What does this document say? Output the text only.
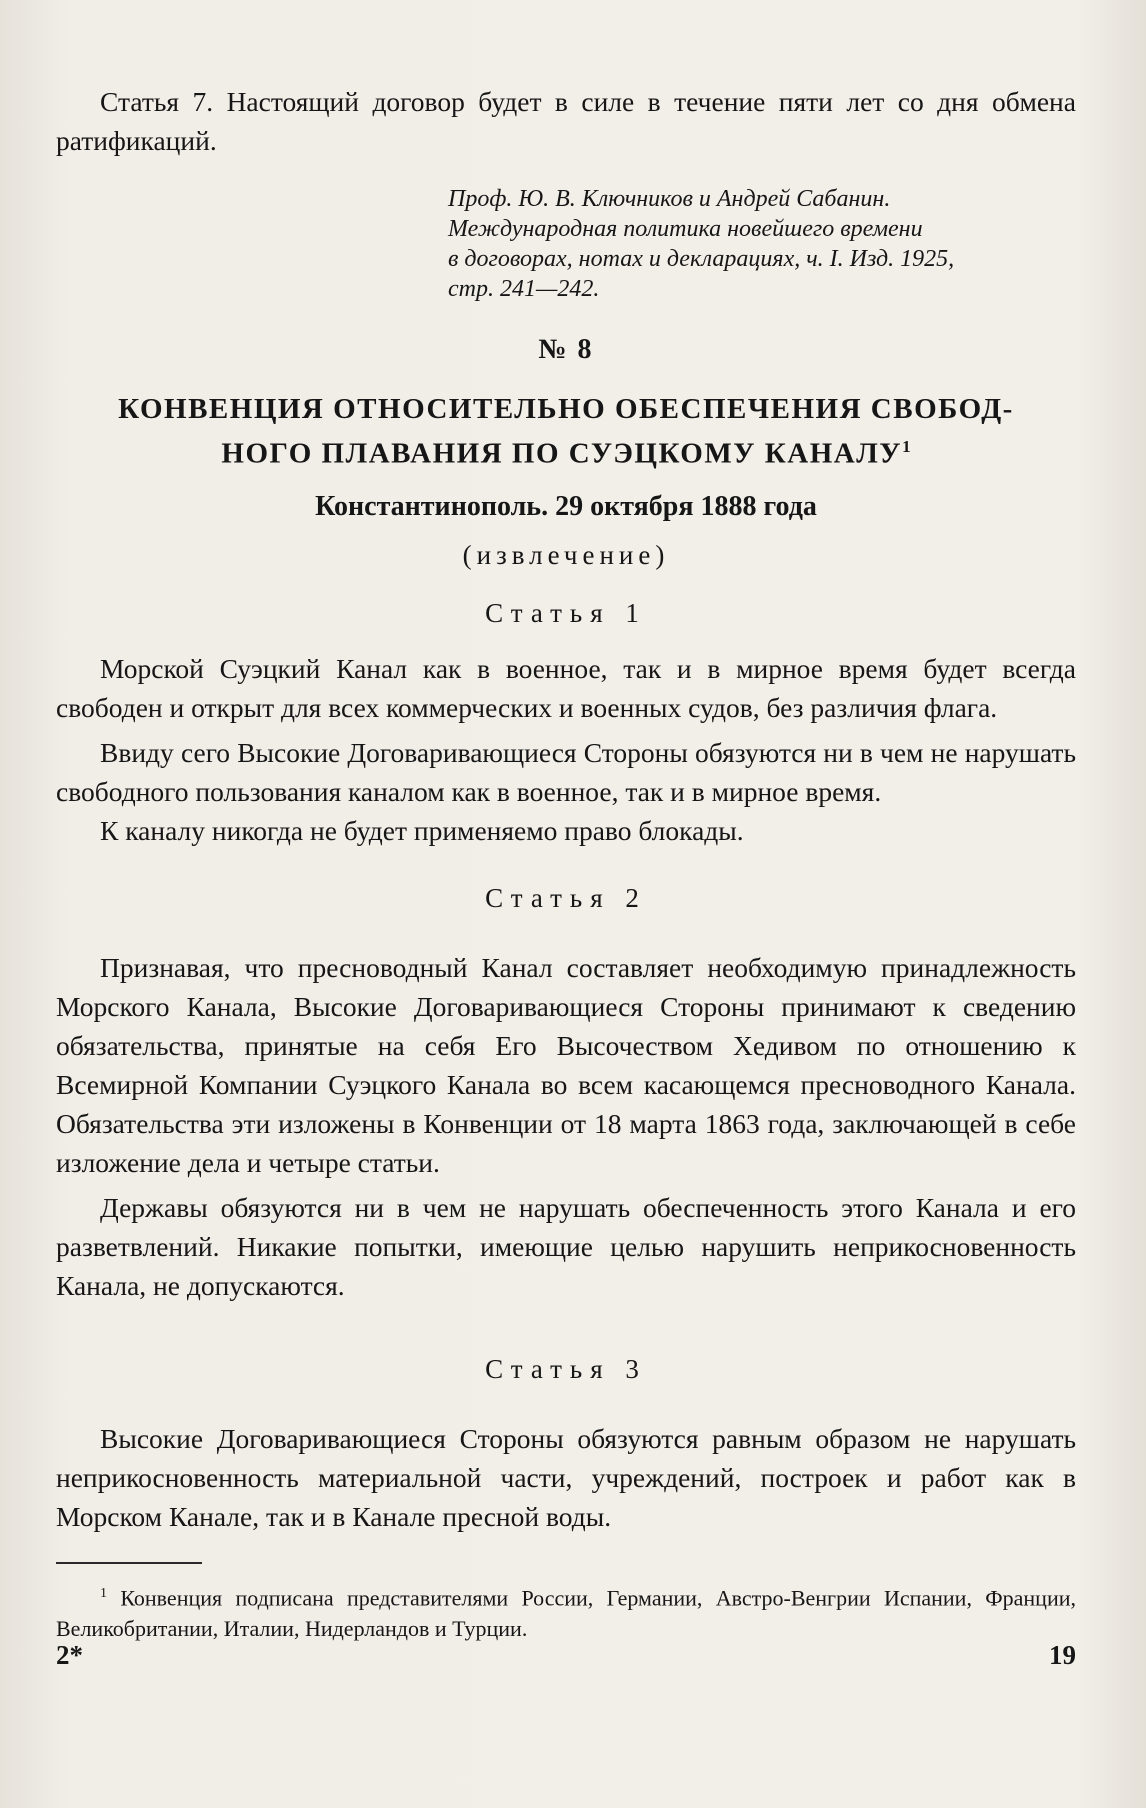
Статья 7. Настоящий договор будет в силе в течение пяти лет со дня обмена ратификаций.

Проф. Ю. В. Ключников и Андрей Сабанин.
Международная политика новейшего времени
в договорах, нотах и декларациях, ч. I. Изд. 1925,
стр. 241—242.
№ 8
КОНВЕНЦИЯ ОТНОСИТЕЛЬНО ОБЕСПЕЧЕНИЯ СВОБОД-
НОГО ПЛАВАНИЯ ПО СУЭЦКОМУ КАНАЛУ$^1$
Константинополь. 29 октября 1888 года
(извлечение)
Статья 1

Морской Суэцкий Канал как в военное, так и в мирное время будет всегда свободен и открыт для всех коммерческих и военных судов, без различия флага.

Ввиду сего Высокие Договаривающиеся Стороны обязуются ни в чем не нарушать свободного пользования каналом как в военное, так и в мирное время.

К каналу никогда не будет применяемо право блокады.

Статья 2

Признавая, что пресноводный Канал составляет необходимую принадлежность Морского Канала, Высокие Договаривающиеся Стороны принимают к сведению обязательства, принятые на себя Его Высочеством Хедивом по отношению к Всемирной Компании Суэцкого Канала во всем касающемся пресноводного Канала. Обязательства эти изложены в Конвенции от 18 марта 1863 года, заключающей в себе изложение дела и четыре статьи.

Державы обязуются ни в чем не нарушать обеспеченность этого Канала и его разветвлений. Никакие попытки, имеющие целью нарушить неприкосновенность Канала, не допускаются.

Статья 3

Высокие Договаривающиеся Стороны обязуются равным образом не нарушать неприкосновенность материальной части, учреждений, построек и работ как в Морском Канале, так и в Канале пресной воды.

$^1$ Конвенция подписана представителями России, Германии, Австро-Венгрии Испании, Франции, Великобритании, Италии, Нидерландов и Турции.

2*	19
